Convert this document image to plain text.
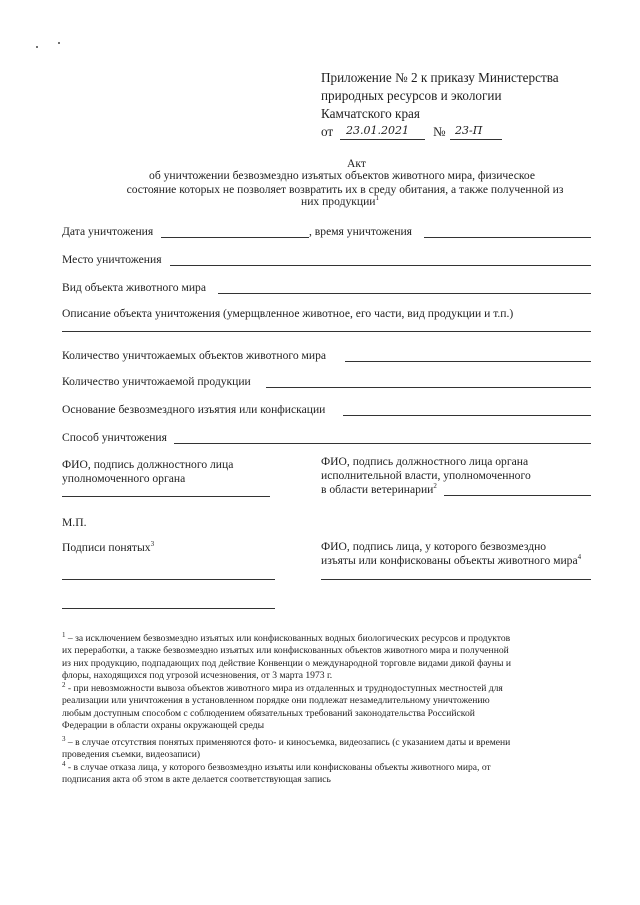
Приложение № 2 к приказу Министерства
природных ресурсов и экологии
Камчатского края
от 23.01.2021 № 23-П
Акт
об уничтожении безвозмездно изъятых объектов животного мира, физическое
состояние которых не позволяет возвратить их в среду обитания, а также полученной из
них продукции$^1$
Дата уничтожения	, время уничтожения
Место уничтожения
Вид объекта животного мира
Описание объекта уничтожения (умерщвленное животное, его части, вид продукции и т.п.)
Количество уничтожаемых объектов животного мира
Количество уничтожаемой продукции
Основание безвозмездного изъятия или конфискации
Способ уничтожения
ФИО, подпись должностного лица
уполномоченного органа
ФИО, подпись должностного лица органа
исполнительной власти, уполномоченного
в области ветеринарии$^2$
М.П.
Подписи понятых$^3$	ФИО, подпись лица, у которого безвозмездно
изъяты или конфискованы объекты животного мира$^4$
$^1$ – за исключением безвозмездно изъятых или конфискованных водных биологических ресурсов и продуктов
их переработки, а также безвозмездно изъятых или конфискованных объектов животного мира и полученной
из них продукцию, подпадающих под действие Конвенции о международной торговле видами дикой фауны и
флоры, находящихся под угрозой исчезновения, от 3 марта 1973 г.
$^2$ - при невозможности вывоза объектов животного мира из отдаленных и труднодоступных местностей для
реализации или уничтожения в установленном порядке они подлежат незамедлительному уничтожению
любым доступным способом с соблюдением обязательных требований законодательства Российской
Федерации в области охраны окружающей среды
$^3$ – в случае отсутствия понятых применяются фото- и киносъемка, видеозапись (с указанием даты и времени
проведения съемки, видеозаписи)
$^4$ - в случае отказа лица, у которого безвозмездно изъяты или конфискованы объекты животного мира, от
подписания акта об этом в акте делается соответствующая запись
